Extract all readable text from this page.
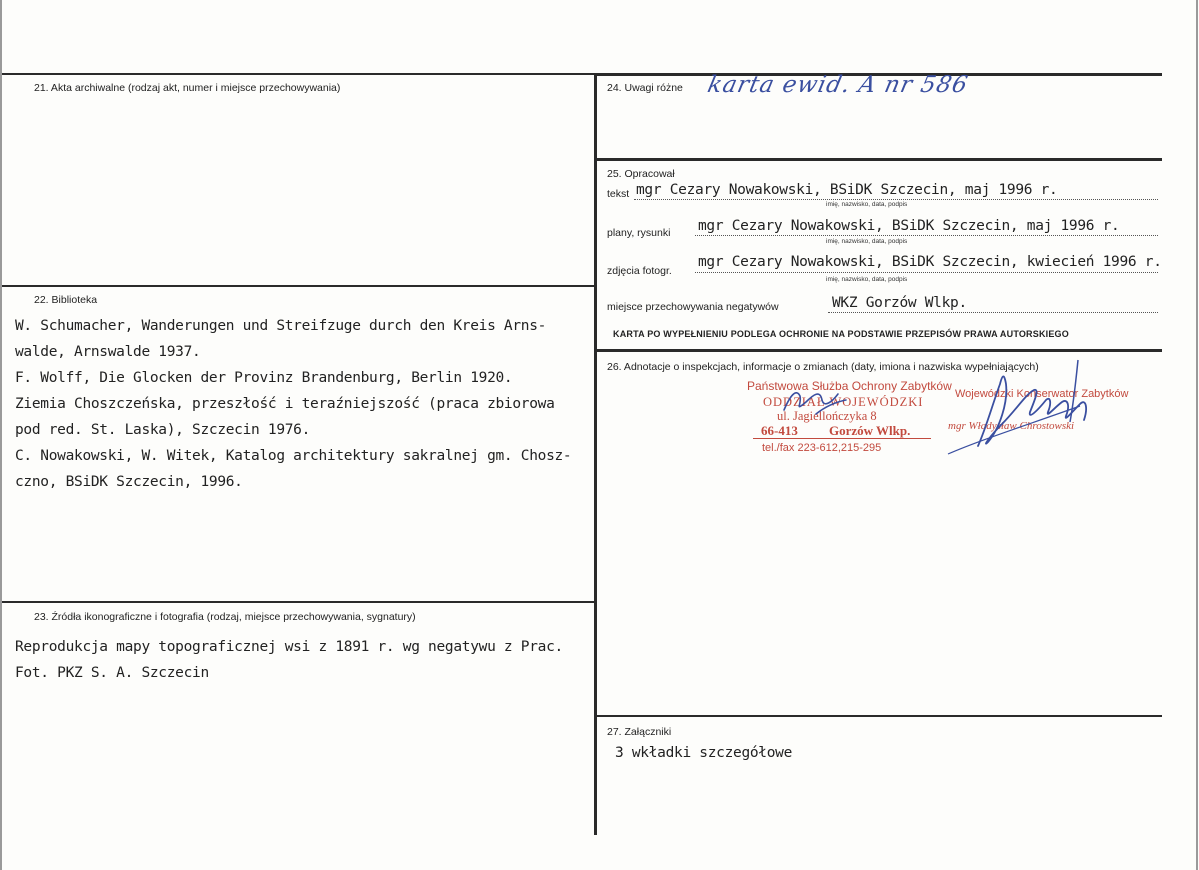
21. Akta archiwalne (rodzaj akt, numer i miejsce przechowywania)
22. Biblioteka
W. Schumacher, Wanderungen und Streifzuge durch den Kreis Arns-
walde, Arnswalde 1937.
F. Wolff, Die Glocken der Provinz Brandenburg, Berlin 1920.
Ziemia Choszczeńska, przeszłość i teraźniejszość (praca zbiorowa
pod red. St. Laska), Szczecin 1976.
C. Nowakowski, W. Witek, Katalog architektury sakralnej gm. Chosz-
czno, BSiDK Szczecin, 1996.
23. Źródła ikonograficzne i fotografia (rodzaj, miejsce przechowywania, sygnatury)
Reprodukcja mapy topograficznej wsi z 1891 r. wg negatywu z Prac.
Fot. PKZ S. A. Szczecin
24. Uwagi różne karta ewid. A nr 586
25. Opracował
tekst mgr Cezary Nowakowski, BSiDK Szczecin, maj 1996 r.
imię, nazwisko, data, podpis
plany, rysunki mgr Cezary Nowakowski, BSiDK Szczecin, maj 1996 r.
imię, nazwisko, data, podpis
zdjęcia fotogr.
mgr Cezary Nowakowski, BSiDK Szczecin, kwiecień 1996 r.
imię, nazwisko, data, podpis
miejsce przechowywania negatywów	WKZ Gorzów Wlkp.
KARTA PO WYPEŁNIENIU PODLEGA OCHRONIE NA PODSTAWIE PRZEPISÓW PRAWA AUTORSKIEGO
26. Adnotacje o inspekcjach, informacje o zmianach (daty, imiona i nazwiska wypełniających)
Państwowa Służba Ochrony Zabytków
ODDZIAŁ WOJEWÓDZKI
ul. Jagiellończyka 8
66-413 Gorzów Wlkp.
tel./fax 223-612,215-295
Wojewódzki Konserwator Zabytków
mgr Władysław Chrostowski
27. Załączniki
3 wkładki szczegółowe
